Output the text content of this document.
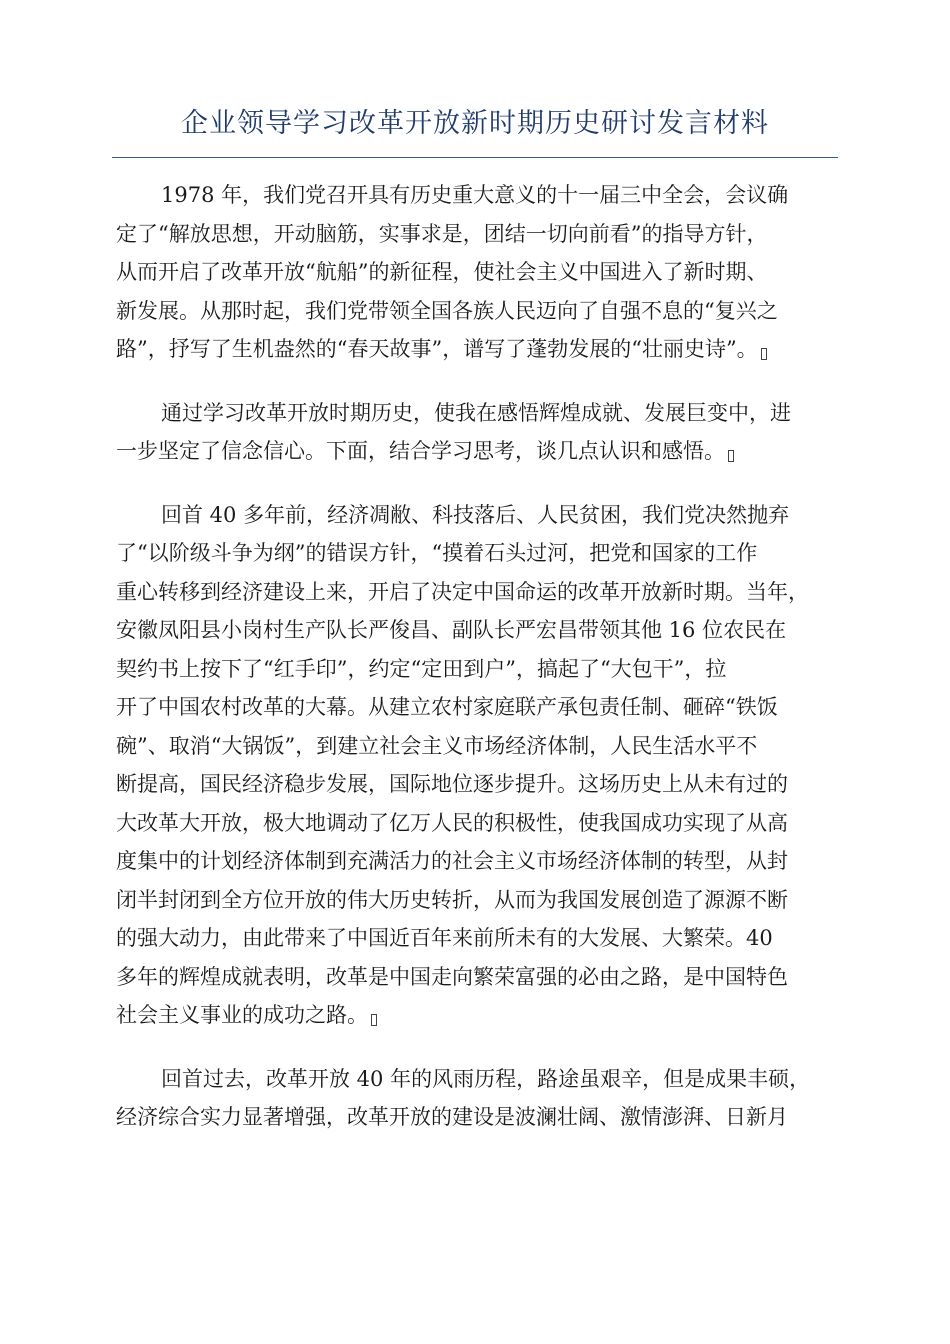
企业领导学习改革开放新时期历史研讨发言材料
1978 年，我们党召开具有历史重大意义的十一届三中全会，会议确
定了“解放思想，开动脑筋，实事求是，团结一切向前看”的指导方针，
从而开启了改革开放“航船”的新征程，使社会主义中国进入了新时期、
新发展。从那时起，我们党带领全国各族人民迈向了自强不息的“复兴之
路”，抒写了生机盎然的“春天故事”，谱写了蓬勃发展的“壮丽史诗”。
通过学习改革开放时期历史，使我在感悟辉煌成就、发展巨变中，进
一步坚定了信念信心。下面，结合学习思考，谈几点认识和感悟。
回首 40 多年前，经济凋敝、科技落后、人民贫困，我们党决然抛弃
了“以阶级斗争为纲”的错误方针，“摸着石头过河，把党和国家的工作
重心转移到经济建设上来，开启了决定中国命运的改革开放新时期。当年，
安徽凤阳县小岗村生产队长严俊昌、副队长严宏昌带领其他 16 位农民在
契约书上按下了“红手印”，约定“定田到户”，搞起了“大包干”，拉
开了中国农村改革的大幕。从建立农村家庭联产承包责任制、砸碎“铁饭
碗”、取消“大锅饭”，到建立社会主义市场经济体制，人民生活水平不
断提高，国民经济稳步发展，国际地位逐步提升。这场历史上从未有过的
大改革大开放，极大地调动了亿万人民的积极性，使我国成功实现了从高
度集中的计划经济体制到充满活力的社会主义市场经济体制的转型，从封
闭半封闭到全方位开放的伟大历史转折，从而为我国发展创造了源源不断
的强大动力，由此带来了中国近百年来前所未有的大发展、大繁荣。40
多年的辉煌成就表明，改革是中国走向繁荣富强的必由之路，是中国特色
社会主义事业的成功之路。
回首过去，改革开放 40 年的风雨历程，路途虽艰辛，但是成果丰硕，
经济综合实力显著增强，改革开放的建设是波澜壮阔、激情澎湃、日新月
